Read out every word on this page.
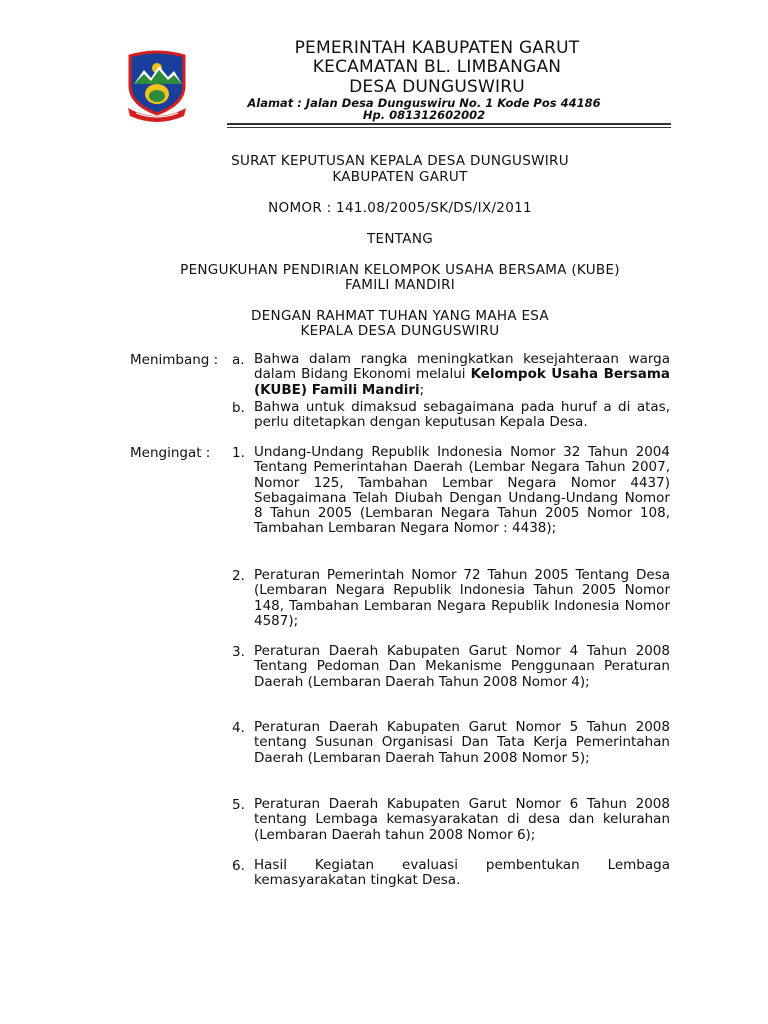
PEMERINTAH KABUPATEN GARUT
KECAMATAN BL. LIMBANGAN
DESA DUNGUSWIRU
Alamat : Jalan Desa Dunguswiru No. 1 Kode Pos 44186
Hp. 081312602002
SURAT KEPUTUSAN KEPALA DESA DUNGUSWIRU
KABUPATEN GARUT
NOMOR : 141.08/2005/SK/DS/IX/2011
TENTANG
PENGUKUHAN PENDIRIAN KELOMPOK USAHA BERSAMA (KUBE)
FAMILI MANDIRI
DENGAN RAHMAT TUHAN YANG MAHA ESA
KEPALA DESA DUNGUSWIRU
Menimbang : a. Bahwa dalam rangka meningkatkan kesejahteraan warga dalam Bidang Ekonomi melalui Kelompok Usaha Bersama (KUBE) Famili Mandiri;
b. Bahwa untuk dimaksud sebagaimana pada huruf a di atas, perlu ditetapkan dengan keputusan Kepala Desa.
Mengingat : 1. Undang-Undang Republik Indonesia Nomor 32 Tahun 2004 Tentang Pemerintahan Daerah (Lembar Negara Tahun 2007, Nomor 125, Tambahan Lembar Negara Nomor 4437) Sebagaimana Telah Diubah Dengan Undang-Undang Nomor 8 Tahun 2005 (Lembaran Negara Tahun 2005 Nomor 108, Tambahan Lembaran Negara Nomor : 4438);
2. Peraturan Pemerintah Nomor 72 Tahun 2005 Tentang Desa (Lembaran Negara Republik Indonesia Tahun 2005 Nomor 148, Tambahan Lembaran Negara Republik Indonesia Nomor 4587);
3. Peraturan Daerah Kabupaten Garut Nomor 4 Tahun 2008 Tentang Pedoman Dan Mekanisme Penggunaan Peraturan Daerah (Lembaran Daerah Tahun 2008 Nomor 4);
4. Peraturan Daerah Kabupaten Garut Nomor 5 Tahun 2008 tentang Susunan Organisasi Dan Tata Kerja Pemerintahan Daerah (Lembaran Daerah Tahun 2008 Nomor 5);
5. Peraturan Daerah Kabupaten Garut Nomor 6 Tahun 2008 tentang Lembaga kemasyarakatan di desa dan kelurahan (Lembaran Daerah tahun 2008 Nomor 6);
6. Hasil Kegiatan evaluasi pembentukan Lembaga kemasyarakatan tingkat Desa.
